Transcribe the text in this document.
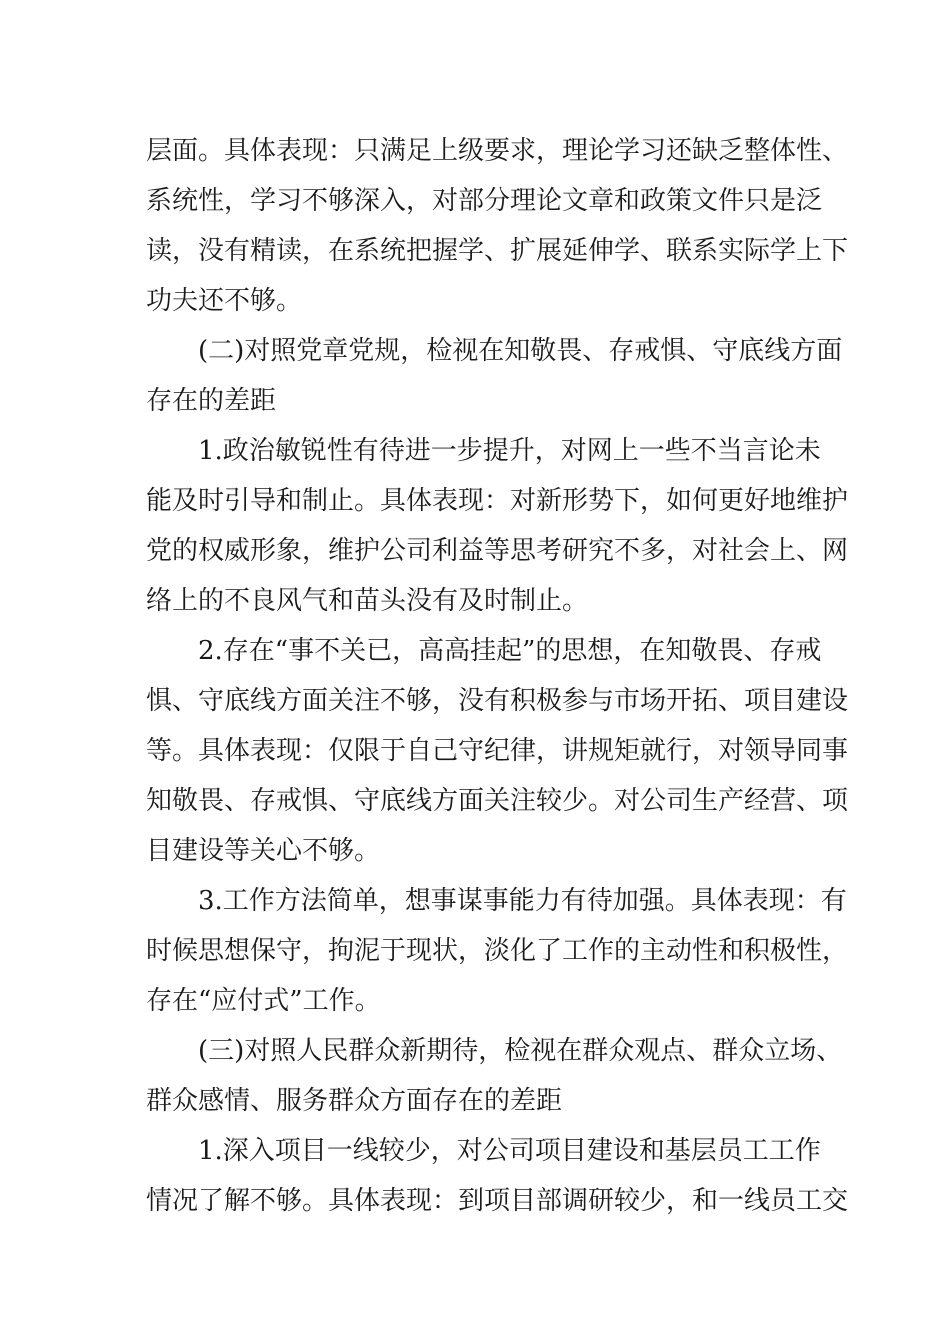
层面。具体表现：只满足上级要求，理论学习还缺乏整体性、
系统性，学习不够深入，对部分理论文章和政策文件只是泛
读，没有精读，在系统把握学、扩展延伸学、联系实际学上下
功夫还不够。
(二)对照党章党规，检视在知敬畏、存戒惧、守底线方面
存在的差距
1.政治敏锐性有待进一步提升，对网上一些不当言论未
能及时引导和制止。具体表现：对新形势下，如何更好地维护
党的权威形象，维护公司利益等思考研究不多，对社会上、网
络上的不良风气和苗头没有及时制止。
2.存在“事不关已，高高挂起”的思想，在知敬畏、存戒
惧、守底线方面关注不够，没有积极参与市场开拓、项目建设
等。具体表现：仅限于自己守纪律，讲规矩就行，对领导同事
知敬畏、存戒惧、守底线方面关注较少。对公司生产经营、项
目建设等关心不够。
3.工作方法简单，想事谋事能力有待加强。具体表现：有
时候思想保守，拘泥于现状，淡化了工作的主动性和积极性，
存在“应付式”工作。
(三)对照人民群众新期待，检视在群众观点、群众立场、
群众感情、服务群众方面存在的差距
1.深入项目一线较少，对公司项目建设和基层员工工作
情况了解不够。具体表现：到项目部调研较少，和一线员工交
